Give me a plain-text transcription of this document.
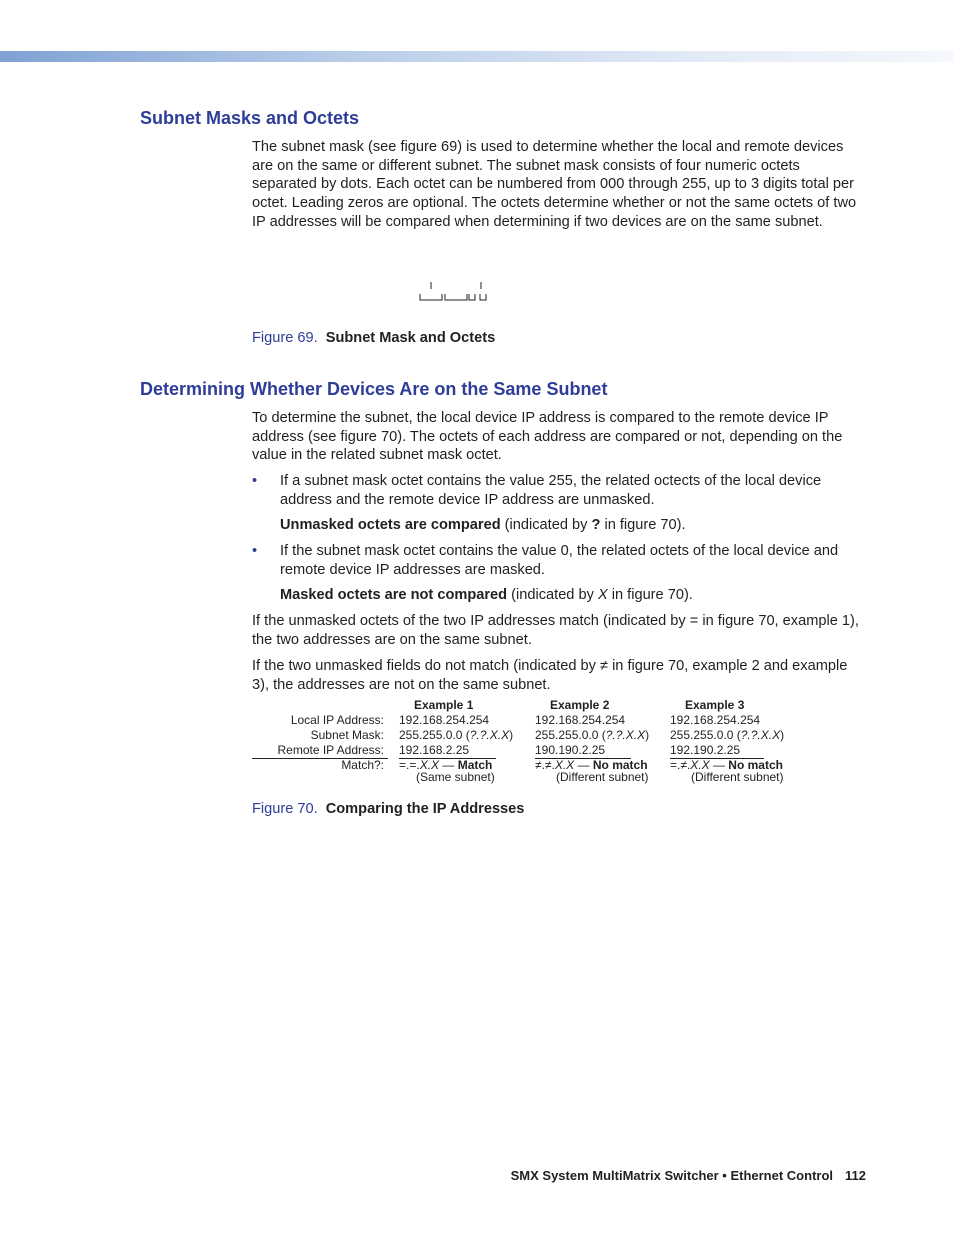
Subnet Masks and Octets

The subnet mask (see figure 69) is used to determine whether the local and remote devices are on the same or different subnet. The subnet mask consists of four numeric octets separated by dots. Each octet can be numbered from 000 through 255, up to 3 digits total per octet. Leading zeros are optional. The octets determine whether or not the same octets of two IP addresses will be compared when determining if two devices are on the same subnet.

Figure 69. Subnet Mask and Octets
Determining Whether Devices Are on the Same Subnet

To determine the subnet, the local device IP address is compared to the remote device IP address (see figure 70). The octets of each address are compared or not, depending on the value in the related subnet mask octet.

• If a subnet mask octet contains the value 255, the related octects of the local device address and the remote device IP address are unmasked.
Unmasked octets are compared (indicated by ? in figure 70).
• If the subnet mask octet contains the value 0, the related octets of the local device and remote device IP addresses are masked.
Masked octets are not compared (indicated by X in figure 70).

If the unmasked octets of the two IP addresses match (indicated by = in figure 70, example 1), the two addresses are on the same subnet.

If the two unmasked fields do not match (indicated by ≠ in figure 70, example 2 and example 3), the addresses are not on the same subnet.

Local IP Address:
Subnet Mask:
Remote IP Address:
Match?:
Example 1
192.168.254.254
255.255.0.0 (?.?.X.X)
192.168.2.25
=.=.X.X — Match
(Same subnet)
Example 2
192.168.254.254
255.255.0.0 (?.?.X.X)
190.190.2.25
≠.≠.X.X — No match
(Different subnet)
Example 3
192.168.254.254
255.255.0.0 (?.?.X.X)
192.190.2.25
=.≠.X.X — No match
(Different subnet)
Figure 70. Comparing the IP Addresses
SMX System MultiMatrix Switcher • Ethernet Control 112
